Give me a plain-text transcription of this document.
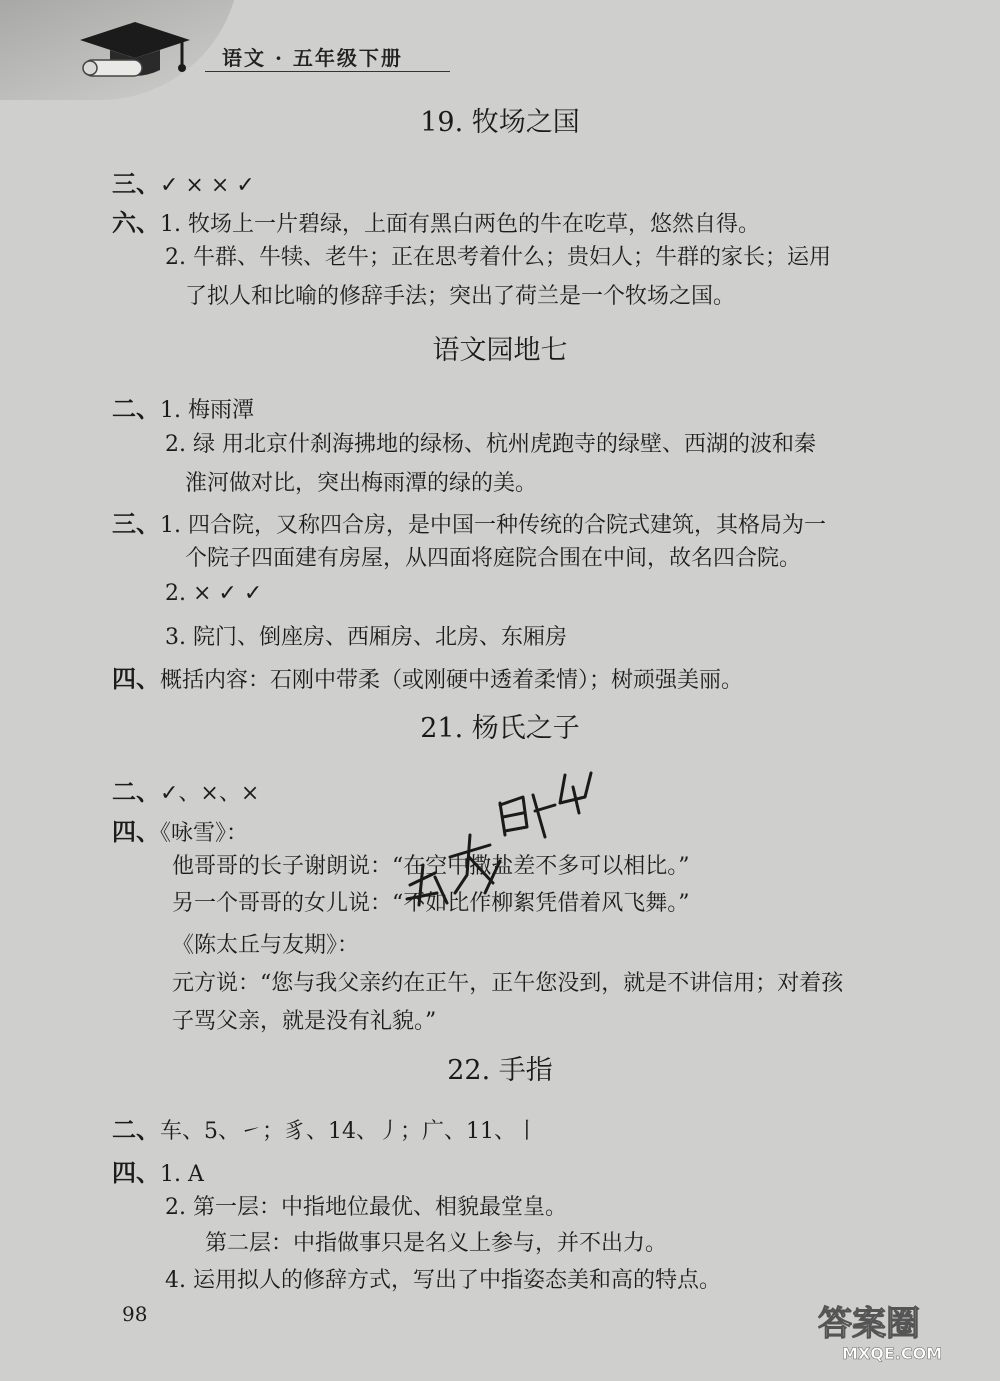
语文 · 五年级下册
19. 牧场之国
语文园地七
21. 杨氏之子
22. 手指
三、✓ × × ✓
六、1. 牧场上一片碧绿，上面有黑白两色的牛在吃草，悠然自得。
2. 牛群、牛犊、老牛；正在思考着什么；贵妇人；牛群的家长；运用
了拟人和比喻的修辞手法；突出了荷兰是一个牧场之国。
二、1. 梅雨潭
2. 绿 用北京什刹海拂地的绿杨、杭州虎跑寺的绿壁、西湖的波和秦
淮河做对比，突出梅雨潭的绿的美。
三、1. 四合院，又称四合房，是中国一种传统的合院式建筑，其格局为一
个院子四面建有房屋，从四面将庭院合围在中间，故名四合院。
2. × ✓ ✓
3. 院门、倒座房、西厢房、北房、东厢房
四、概括内容：石刚中带柔（或刚硬中透着柔情）；树顽强美丽。
二、✓、×、×
四、《咏雪》：
他哥哥的长子谢朗说：“在空中撒盐差不多可以相比。”
另一个哥哥的女儿说：“不如比作柳絮凭借着风飞舞。”
《陈太丘与友期》：
元方说：“您与我父亲约在正午，正午您没到，就是不讲信用；对着孩
子骂父亲，就是没有礼貌。”
二、车、5、㇀；豸、14、丿；广、11、丨
四、1. A
2. 第一层：中指地位最优、相貌最堂皇。
第二层：中指做事只是名义上参与，并不出力。
4. 运用拟人的修辞方式，写出了中指姿态美和高的特点。
98	答案圈
MXQE.COM
